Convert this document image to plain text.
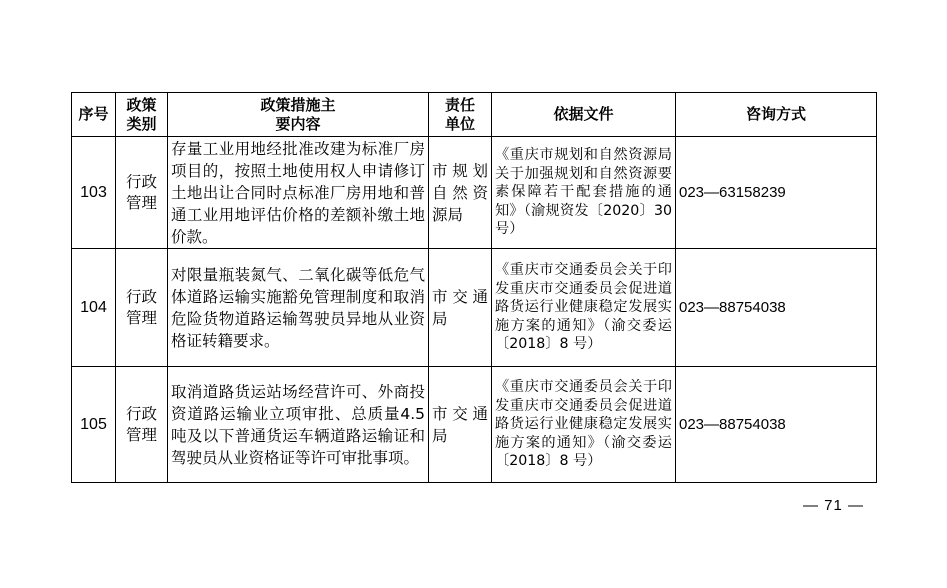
序号	政策类别	政策措施主要内容	责任单位	依据文件	咨询方式
103	行政管理	存量工业用地经批准改建为标准厂房项目的，按照土地使用权人申请修订土地出让合同时点标准厂房用地和普通工业用地评估价格的差额补缴土地价款。	市规划自然资源局	《重庆市规划和自然资源局关于加强规划和自然资源要素保障若干配套措施的通知》（渝规资发〔2020〕30 号）	023—63158239
104	行政管理	对限量瓶装氮气、二氧化碳等低危气体道路运输实施豁免管理制度和取消危险货物道路运输驾驶员异地从业资格证转籍要求。	市交通局	《重庆市交通委员会关于印发重庆市交通委员会促进道路货运行业健康稳定发展实施方案的通知》（渝交委运〔2018〕8 号）	023—88754038
105	行政管理	取消道路货运站场经营许可、外商投资道路运输业立项审批、总质量4.5 吨及以下普通货运车辆道路运输证和驾驶员从业资格证等许可审批事项。	市交通局	《重庆市交通委员会关于印发重庆市交通委员会促进道路货运行业健康稳定发展实施方案的通知》（渝交委运〔2018〕8 号）	023—88754038
— 71 —
